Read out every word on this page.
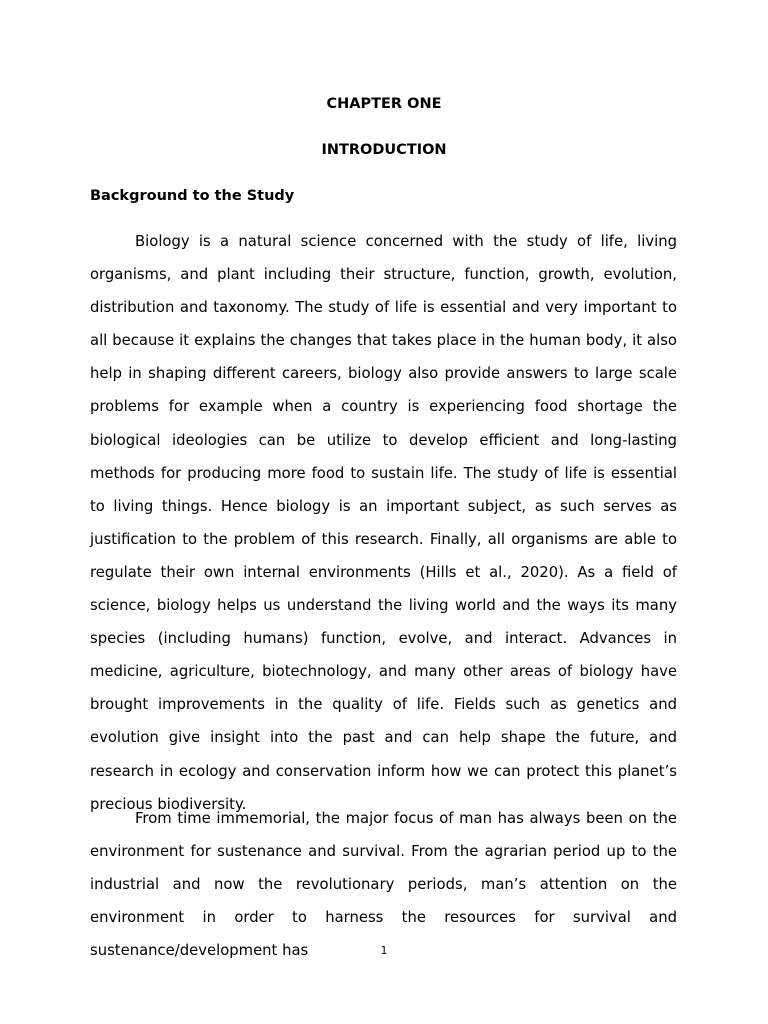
CHAPTER ONE
INTRODUCTION
Background to the Study

Biology is a natural science concerned with the study of life, living organisms, and plant including their structure, function, growth, evolution, distribution and taxonomy. The study of life is essential and very important to all because it explains the changes that takes place in the human body, it also help in shaping different careers, biology also provide answers to large scale problems for example when a country is experiencing food shortage the biological ideologies can be utilize to develop efficient and long-lasting methods for producing more food to sustain life. The study of life is essential to living things. Hence biology is an important subject, as such serves as justification to the problem of this research. Finally, all organisms are able to regulate their own internal environments (Hills et al., 2020). As a field of science, biology helps us understand the living world and the ways its many species (including humans) function, evolve, and interact. Advances in medicine, agriculture, biotechnology, and many other areas of biology have brought improvements in the quality of life. Fields such as genetics and evolution give insight into the past and can help shape the future, and research in ecology and conservation inform how we can protect this planet’s precious biodiversity.

From time immemorial, the major focus of man has always been on the environment for sustenance and survival. From the agrarian period up to the industrial and now the revolutionary periods, man’s attention on the environment in order to harness the resources for survival and sustenance/development has	1
